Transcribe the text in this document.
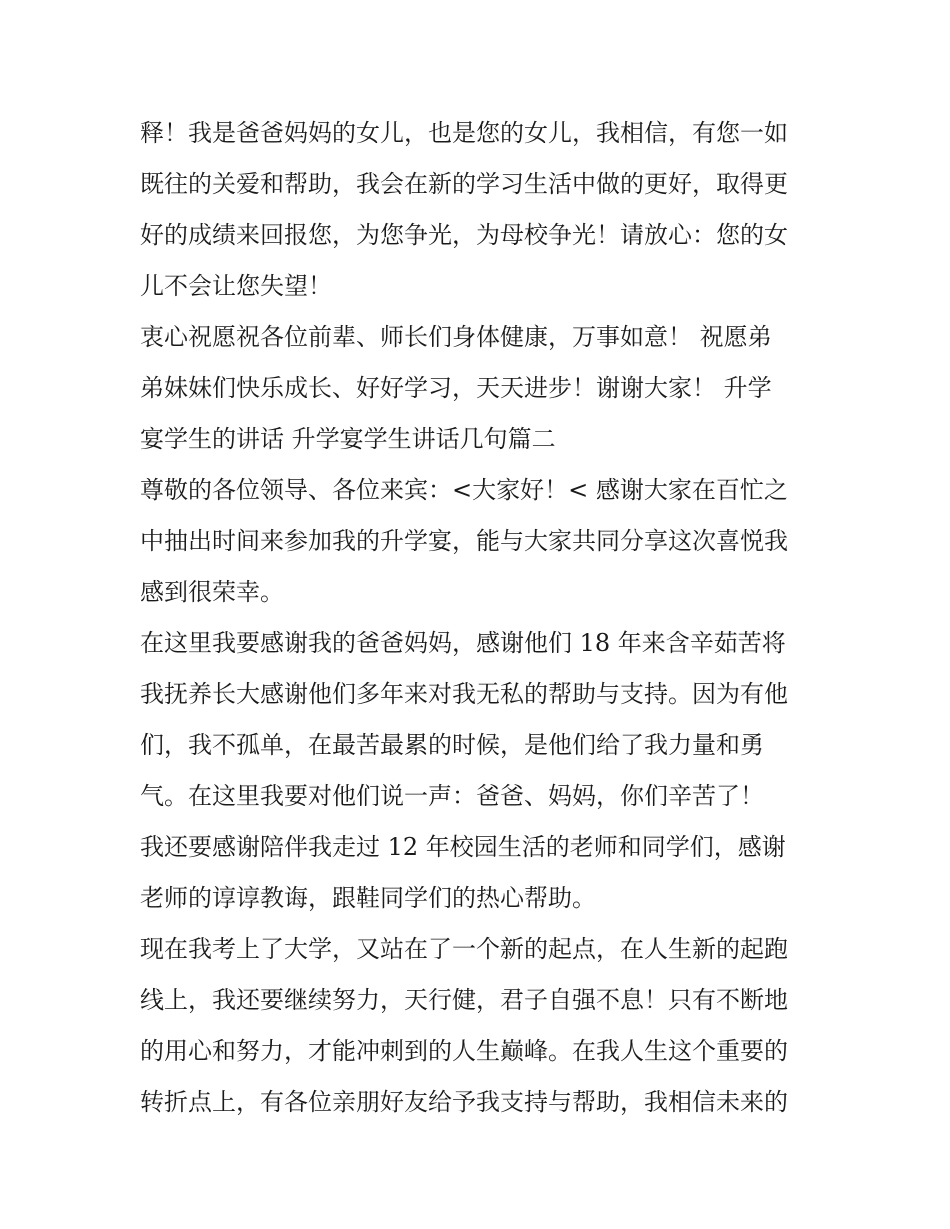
释！我是爸爸妈妈的女儿，也是您的女儿，我相信，有您一如
既往的关爱和帮助，我会在新的学习生活中做的更好，取得更
好的成绩来回报您，为您争光，为母校争光！请放心：您的女
儿不会让您失望！
衷心祝愿祝各位前辈、师长们身体健康，万事如意！ 祝愿弟
弟妹妹们快乐成长、好好学习，天天进步！谢谢大家！ 升学
宴学生的讲话 升学宴学生讲话几句篇二
尊敬的各位领导、各位来宾：<大家好！< 感谢大家在百忙之
中抽出时间来参加我的升学宴，能与大家共同分享这次喜悦我
感到很荣幸。
在这里我要感谢我的爸爸妈妈，感谢他们 18 年来含辛茹苦将
我抚养长大感谢他们多年来对我无私的帮助与支持。因为有他
们，我不孤单，在最苦最累的时候，是他们给了我力量和勇
气。在这里我要对他们说一声：爸爸、妈妈，你们辛苦了！
我还要感谢陪伴我走过 12 年校园生活的老师和同学们，感谢
老师的谆谆教诲，跟鞋同学们的热心帮助。
现在我考上了大学，又站在了一个新的起点，在人生新的起跑
线上，我还要继续努力，天行健，君子自强不息！只有不断地
的用心和努力，才能冲刺到的人生巅峰。在我人生这个重要的
转折点上，有各位亲朋好友给予我支持与帮助，我相信未来的
